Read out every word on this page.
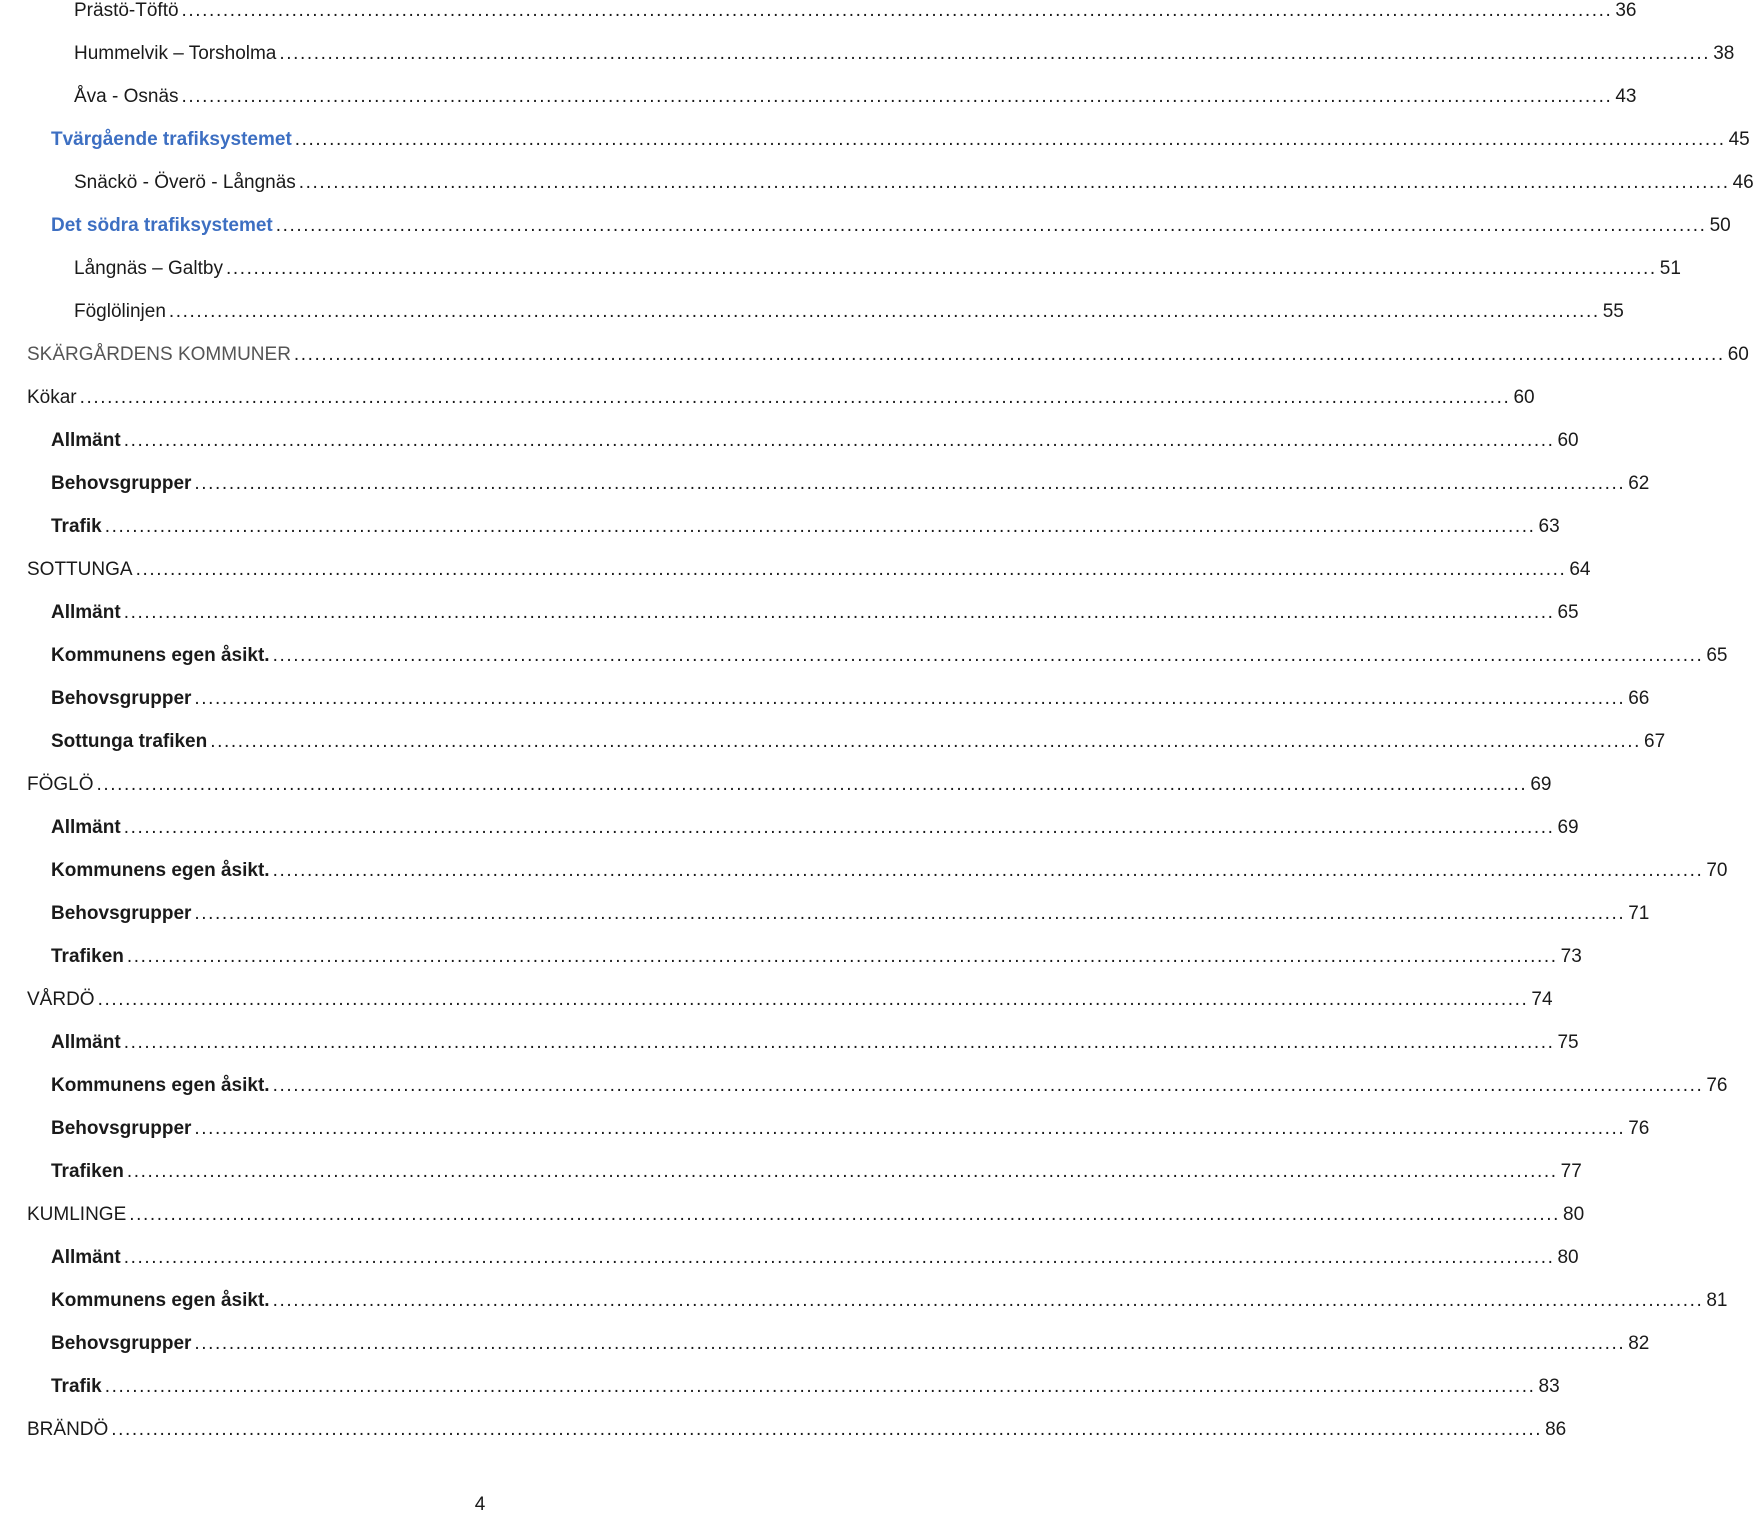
Prästö-Töftö ................................................................................................................................................................................................................ 36
Hummelvik – Torsholma ................................................................................................................................................................................................................ 38
Åva - Osnäs ................................................................................................................................................................................................................ 43
Tvärgående trafiksystemet ................................................................................................................................................................................................................ 45
Snäckö - Överö - Långnäs ................................................................................................................................................................................................................ 46
Det södra trafiksystemet ................................................................................................................................................................................................................ 50
Långnäs – Galtby ................................................................................................................................................................................................................ 51
Föglölinjen ................................................................................................................................................................................................................ 55
SKÄRGÅRDENS KOMMUNER ................................................................................................................................................................................................................ 60
Kökar ................................................................................................................................................................................................................ 60
Allmänt ................................................................................................................................................................................................................ 60
Behovsgrupper ................................................................................................................................................................................................................ 62
Trafik ................................................................................................................................................................................................................ 63
SOTTUNGA ................................................................................................................................................................................................................ 64
Allmänt ................................................................................................................................................................................................................ 65
Kommunens egen åsikt. ................................................................................................................................................................................................................ 65
Behovsgrupper ................................................................................................................................................................................................................ 66
Sottunga trafiken ................................................................................................................................................................................................................ 67
FÖGLÖ ................................................................................................................................................................................................................ 69
Allmänt ................................................................................................................................................................................................................ 69
Kommunens egen åsikt. ................................................................................................................................................................................................................ 70
Behovsgrupper ................................................................................................................................................................................................................ 71
Trafiken ................................................................................................................................................................................................................ 73
VÅRDÖ ................................................................................................................................................................................................................ 74
Allmänt ................................................................................................................................................................................................................ 75
Kommunens egen åsikt. ................................................................................................................................................................................................................ 76
Behovsgrupper ................................................................................................................................................................................................................ 76
Trafiken ................................................................................................................................................................................................................ 77
KUMLINGE ................................................................................................................................................................................................................ 80
Allmänt ................................................................................................................................................................................................................ 80
Kommunens egen åsikt. ................................................................................................................................................................................................................ 81
Behovsgrupper ................................................................................................................................................................................................................ 82
Trafik ................................................................................................................................................................................................................ 83
BRÄNDÖ ................................................................................................................................................................................................................ 86
4
